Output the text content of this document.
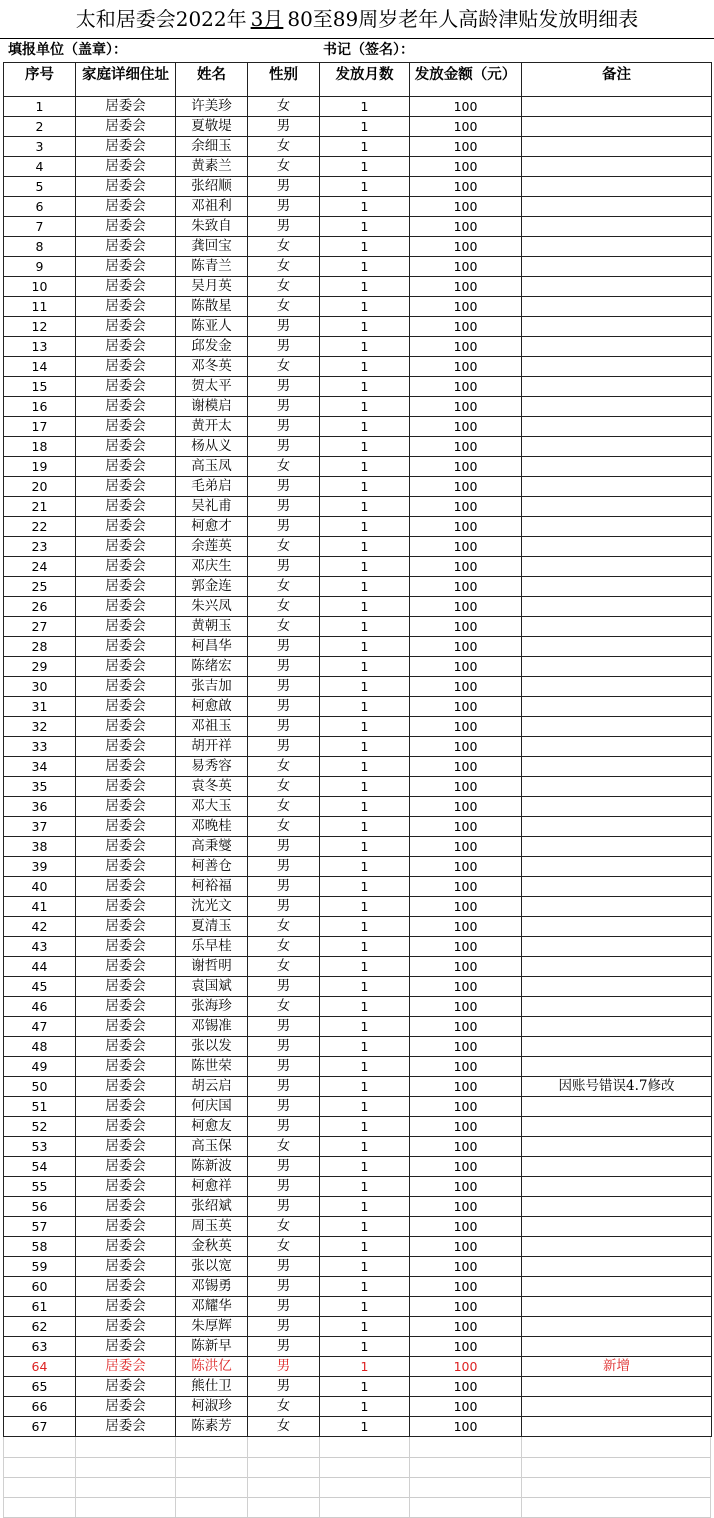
太和居委会2022年 3月 80至89周岁老年人高龄津贴发放明细表
填报单位（盖章）：	书记（签名）：
序号	家庭详细住址	姓名	性别	发放月数	发放金额（元）	备注
1	居委会	许美珍	女	1	100	
2	居委会	夏敬堤	男	1	100	
3	居委会	余细玉	女	1	100	
4	居委会	黄素兰	女	1	100	
5	居委会	张绍顺	男	1	100	
6	居委会	邓祖利	男	1	100	
7	居委会	朱致自	男	1	100	
8	居委会	龚回宝	女	1	100	
9	居委会	陈青兰	女	1	100	
10	居委会	吴月英	女	1	100	
11	居委会	陈散星	女	1	100	
12	居委会	陈亚人	男	1	100	
13	居委会	邱发金	男	1	100	
14	居委会	邓冬英	女	1	100	
15	居委会	贺太平	男	1	100	
16	居委会	谢模启	男	1	100	
17	居委会	黄开太	男	1	100	
18	居委会	杨从义	男	1	100	
19	居委会	高玉凤	女	1	100	
20	居委会	毛弟启	男	1	100	
21	居委会	吴礼甫	男	1	100	
22	居委会	柯愈才	男	1	100	
23	居委会	余莲英	女	1	100	
24	居委会	邓庆生	男	1	100	
25	居委会	郭金连	女	1	100	
26	居委会	朱兴凤	女	1	100	
27	居委会	黄朝玉	女	1	100	
28	居委会	柯昌华	男	1	100	
29	居委会	陈绪宏	男	1	100	
30	居委会	张吉加	男	1	100	
31	居委会	柯愈啟	男	1	100	
32	居委会	邓祖玉	男	1	100	
33	居委会	胡开祥	男	1	100	
34	居委会	易秀容	女	1	100	
35	居委会	袁冬英	女	1	100	
36	居委会	邓大玉	女	1	100	
37	居委会	邓晚桂	女	1	100	
38	居委会	高秉燮	男	1	100	
39	居委会	柯善仓	男	1	100	
40	居委会	柯裕福	男	1	100	
41	居委会	沈光文	男	1	100	
42	居委会	夏清玉	女	1	100	
43	居委会	乐早桂	女	1	100	
44	居委会	谢哲明	女	1	100	
45	居委会	袁国斌	男	1	100	
46	居委会	张海珍	女	1	100	
47	居委会	邓锡准	男	1	100	
48	居委会	张以发	男	1	100	
49	居委会	陈世荣	男	1	100	
50	居委会	胡云启	男	1	100	因账号错误4.7修改
51	居委会	何庆国	男	1	100	
52	居委会	柯愈友	男	1	100	
53	居委会	高玉保	女	1	100	
54	居委会	陈新波	男	1	100	
55	居委会	柯愈祥	男	1	100	
56	居委会	张绍斌	男	1	100	
57	居委会	周玉英	女	1	100	
58	居委会	金秋英	女	1	100	
59	居委会	张以宽	男	1	100	
60	居委会	邓锡勇	男	1	100	
61	居委会	邓耀华	男	1	100	
62	居委会	朱厚辉	男	1	100	
63	居委会	陈新早	男	1	100	
64	居委会	陈洪亿	男	1	100	新增
65	居委会	熊仕卫	男	1	100	
66	居委会	柯淑珍	女	1	100	
67	居委会	陈素芳	女	1	100	
